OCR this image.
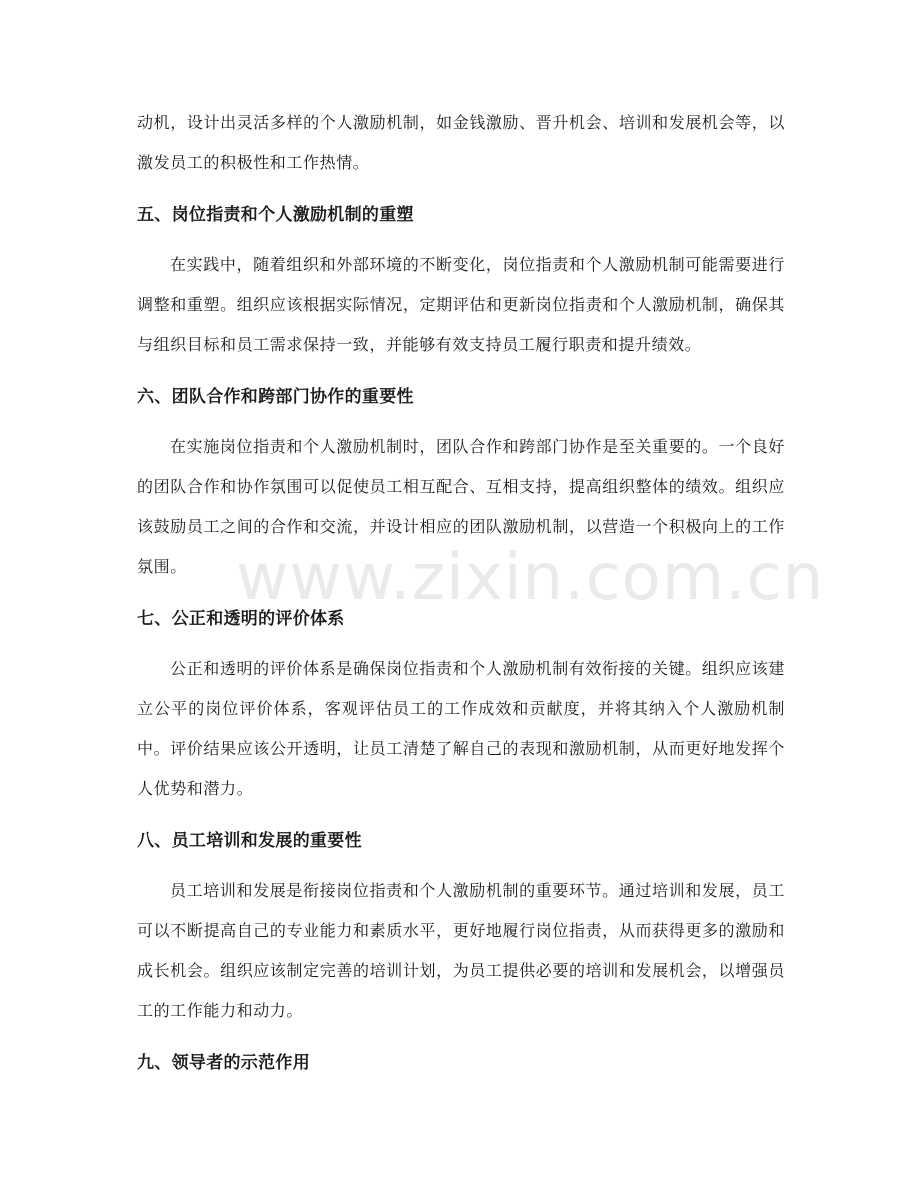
动机，设计出灵活多样的个人激励机制，如金钱激励、晋升机会、培训和发展机会等，以激发员工的积极性和工作热情。

五、岗位指责和个人激励机制的重塑

在实践中，随着组织和外部环境的不断变化，岗位指责和个人激励机制可能需要进行调整和重塑。组织应该根据实际情况，定期评估和更新岗位指责和个人激励机制，确保其与组织目标和员工需求保持一致，并能够有效支持员工履行职责和提升绩效。

六、团队合作和跨部门协作的重要性

在实施岗位指责和个人激励机制时，团队合作和跨部门协作是至关重要的。一个良好的团队合作和协作氛围可以促使员工相互配合、互相支持，提高组织整体的绩效。组织应该鼓励员工之间的合作和交流，并设计相应的团队激励机制，以营造一个积极向上的工作氛围。

七、公正和透明的评价体系

公正和透明的评价体系是确保岗位指责和个人激励机制有效衔接的关键。组织应该建立公平的岗位评价体系，客观评估员工的工作成效和贡献度，并将其纳入个人激励机制中。评价结果应该公开透明，让员工清楚了解自己的表现和激励机制，从而更好地发挥个人优势和潜力。

八、员工培训和发展的重要性

员工培训和发展是衔接岗位指责和个人激励机制的重要环节。通过培训和发展，员工可以不断提高自己的专业能力和素质水平，更好地履行岗位指责，从而获得更多的激励和成长机会。组织应该制定完善的培训计划，为员工提供必要的培训和发展机会，以增强员工的工作能力和动力。

九、领导者的示范作用
www.zixin.com.cn
